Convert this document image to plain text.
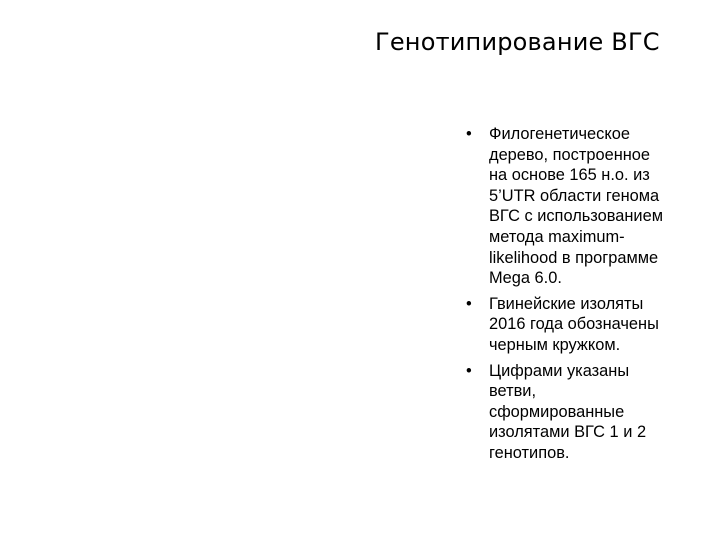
Генотипирование ВГС
• Филогенетическое
дерево, построенное
на основе 165 н.о. из
5’UTR области генома
ВГС с использованием
метода maximum-
likelihood в программе
Mega 6.0.
• Гвинейские изоляты
2016 года обозначены
черным кружком.
• Цифрами указаны
ветви,
сформированные
изолятами ВГС 1 и 2
генотипов.
